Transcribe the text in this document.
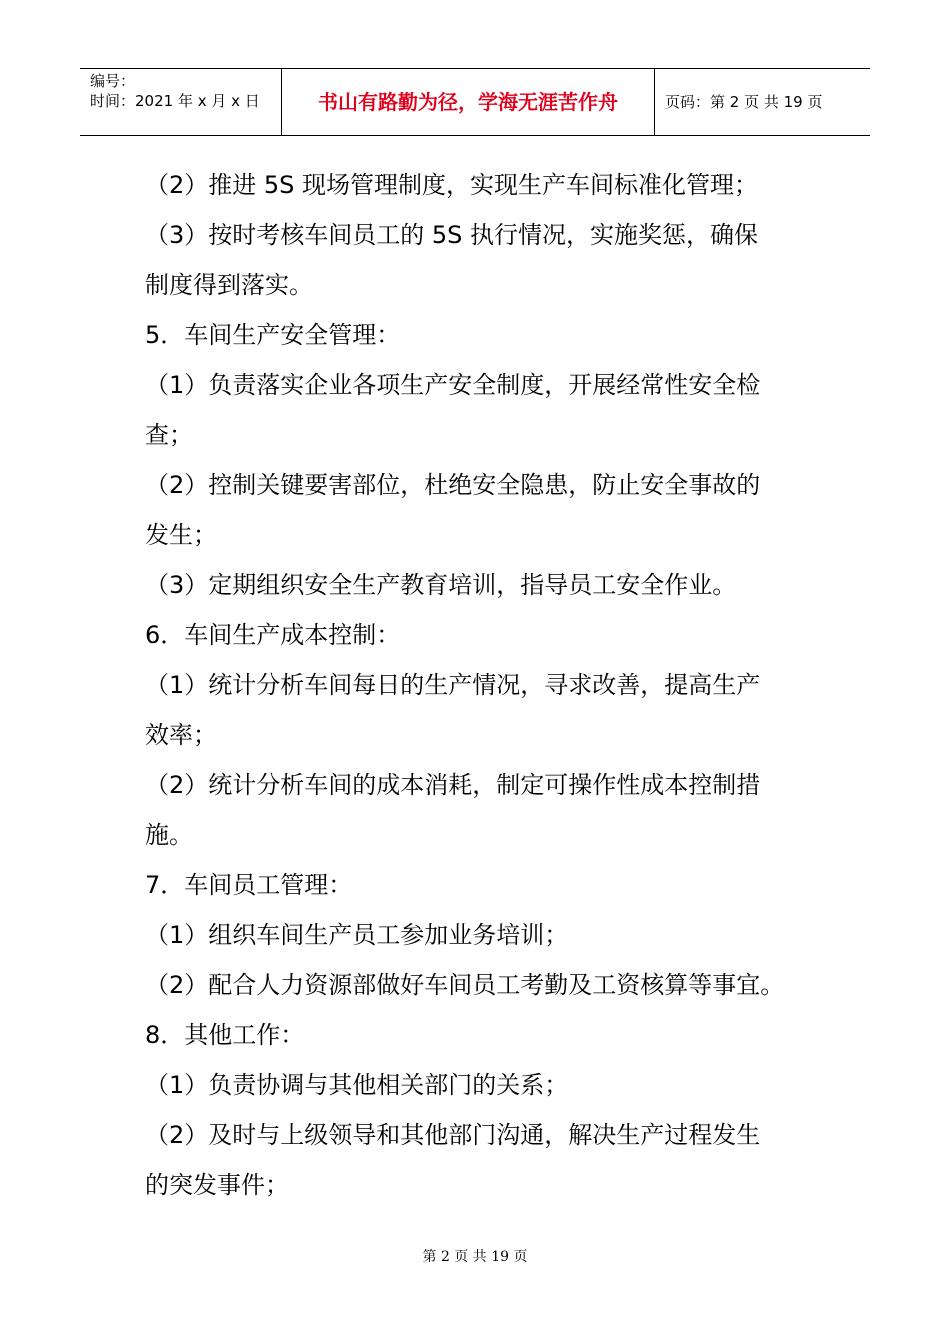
编号：
时间：2021 年 x 月 x 日	书山有路勤为径，学海无涯苦作舟	页码：第 2 页 共 19 页
（2）推进 5S 现场管理制度，实现生产车间标准化管理；
（3）按时考核车间员工的 5S 执行情况，实施奖惩，确保
制度得到落实。
5．车间生产安全管理：
（1）负责落实企业各项生产安全制度，开展经常性安全检
查；
（2）控制关键要害部位，杜绝安全隐患，防止安全事故的
发生；
（3）定期组织安全生产教育培训，指导员工安全作业。
6．车间生产成本控制：
（1）统计分析车间每日的生产情况，寻求改善，提高生产
效率；
（2）统计分析车间的成本消耗，制定可操作性成本控制措
施。
7．车间员工管理：
（1）组织车间生产员工参加业务培训；
（2）配合人力资源部做好车间员工考勤及工资核算等事宜。
8．其他工作：
（1）负责协调与其他相关部门的关系；
（2）及时与上级领导和其他部门沟通，解决生产过程发生
的突发事件；
第 2 页 共 19 页
